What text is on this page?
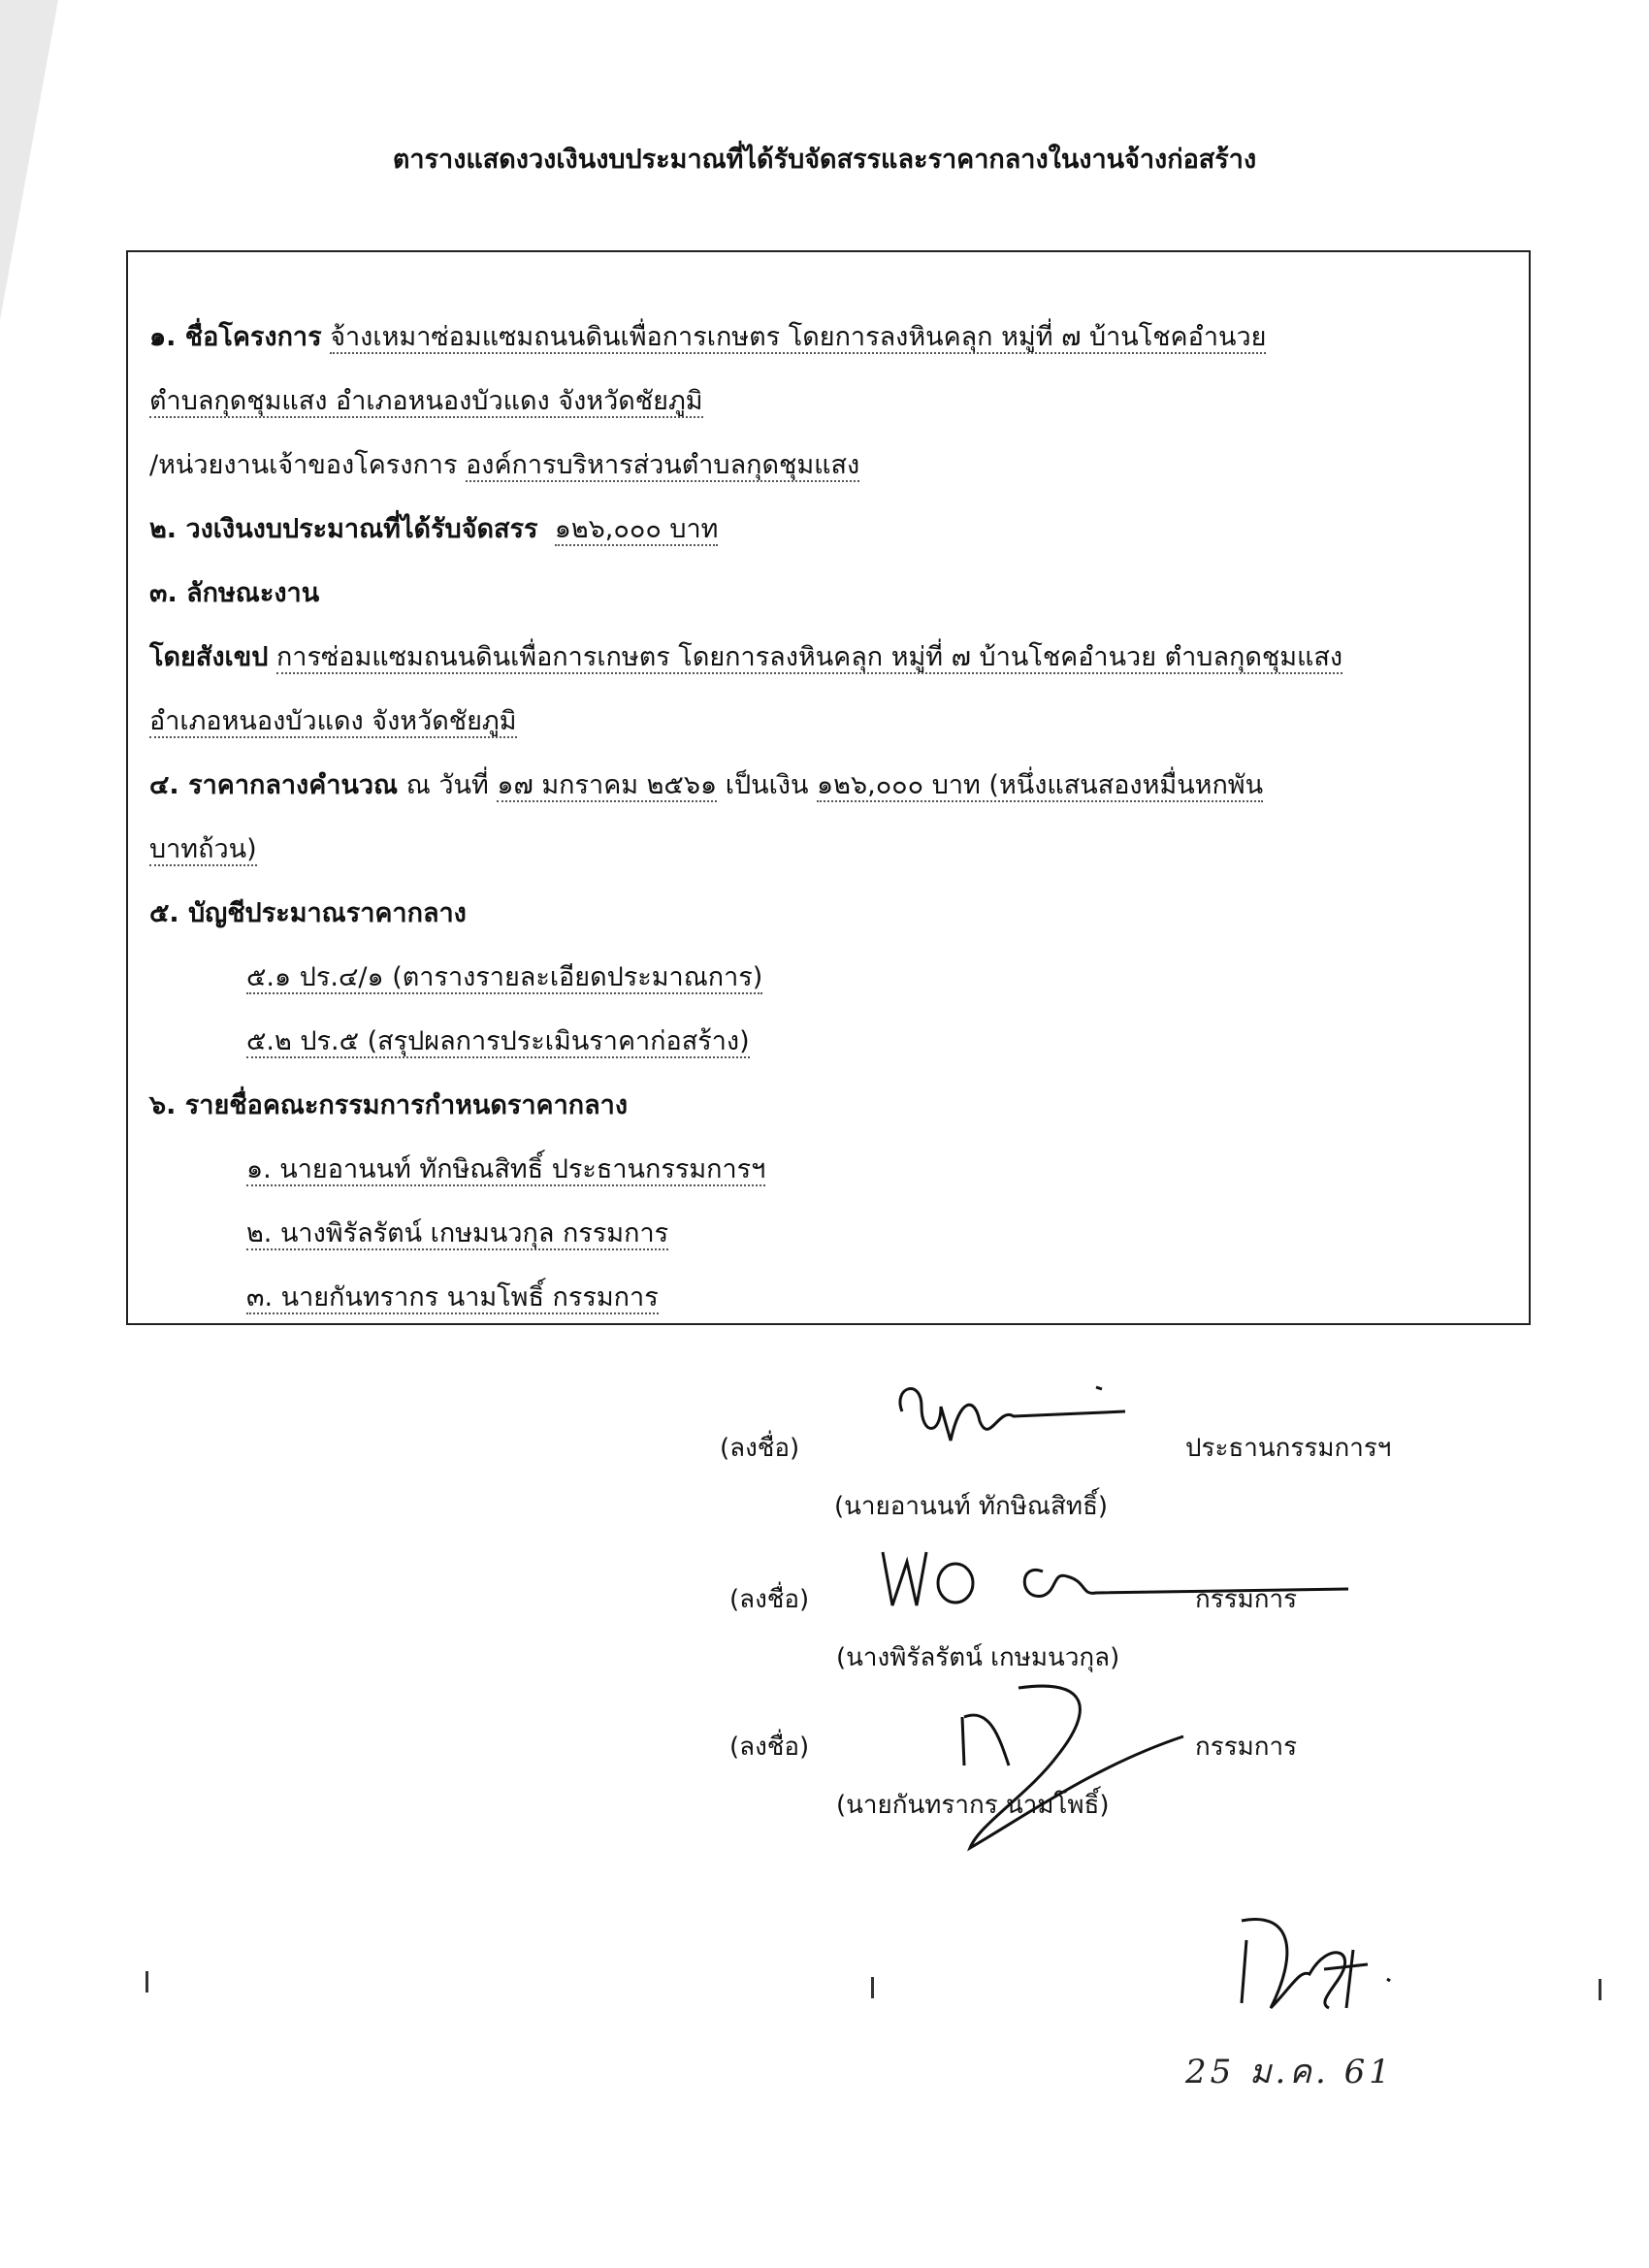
ตารางแสดงวงเงินงบประมาณที่ได้รับจัดสรรและราคากลางในงานจ้างก่อสร้าง
๑. ชื่อโครงการ จ้างเหมาซ่อมแซมถนนดินเพื่อการเกษตร โดยการลงหินคลุก หมู่ที่ ๗ บ้านโชคอำนวย
ตำบลกุดชุมแสง อำเภอหนองบัวแดง จังหวัดชัยภูมิ
/หน่วยงานเจ้าของโครงการ องค์การบริหารส่วนตำบลกุดชุมแสง
๒. วงเงินงบประมาณที่ได้รับจัดสรร ๑๒๖,๐๐๐ บาท
๓. ลักษณะงาน
โดยสังเขป การซ่อมแซมถนนดินเพื่อการเกษตร โดยการลงหินคลุก หมู่ที่ ๗ บ้านโชคอำนวย ตำบลกุดชุมแสง
อำเภอหนองบัวแดง จังหวัดชัยภูมิ
๔. ราคากลางคำนวณ ณ วันที่ ๑๗ มกราคม ๒๕๖๑ เป็นเงิน ๑๒๖,๐๐๐ บาท (หนึ่งแสนสองหมื่นหกพัน
บาทถ้วน)
๕. บัญชีประมาณราคากลาง
๕.๑ ปร.๔/๑ (ตารางรายละเอียดประมาณการ)
๕.๒ ปร.๕ (สรุปผลการประเมินราคาก่อสร้าง)
๖. รายชื่อคณะกรรมการกำหนดราคากลาง
๑. นายอานนท์ ทักษิณสิทธิ์ ประธานกรรมการฯ
๒. นางพิรัลรัตน์ เกษมนวกุล กรรมการ
๓. นายกันทรากร นามโพธิ์ กรรมการ
(ลงชื่อ)	ประธานกรรมการฯ
(นายอานนท์ ทักษิณสิทธิ์)
(ลงชื่อ)	กรรมการ
(นางพิรัลรัตน์ เกษมนวกุล)
(ลงชื่อ)	กรรมการ
(นายกันทรากร นามโพธิ์)
25 ม.ค. 61
